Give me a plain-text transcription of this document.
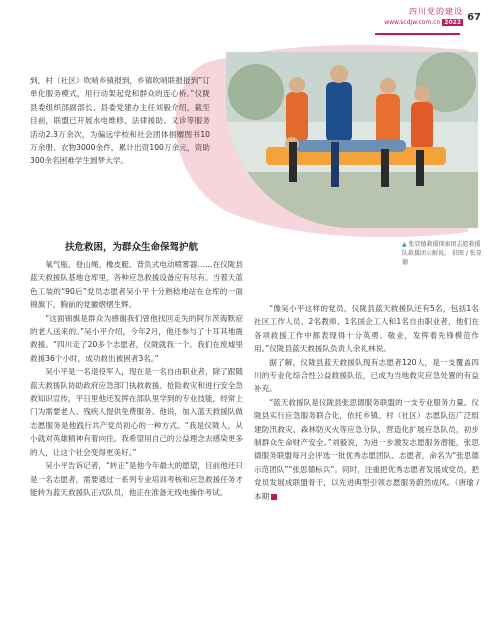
四川党的建设
www.scdjw.com.cn 2022 67
▲ 张显德救援探索团志愿救援队救援团示解说。 供图 / 张显德

到，村（社区）吹哨乡镇报到，乡镇吹哨联报报到”订单化服务模式，用行动架起党和群众的连心桥。”仪陇县委组织部副部长、县委党建办主任刘毅介绍，截至目前，联盟已开展水电维修、法律援助、义诊等服务活动2.3万余次，为偏远学校和社会团体捐赠图书10万余册、衣物3000余件，累计出资100万余元，资助300余名困难学生圆梦大学。

扶危救困，为群众生命保驾护航

氧气瓶、登山绳、橡皮艇、背负式电动喷雾器……在仪陇县蓝天救援队基地仓库里，各种应急救援设备应有尽有。当着天蓝色工装的“90后”党员志愿者吴小平十分熟稔地站在仓库的一面锦旗下，胸前的党徽熠熠生辉。

“这面锦旗是群众为感谢我们曾他找回走失的阿尔茨海默症的老人送来的。”吴小平介绍，今年2月，他还参与了十耳其地震救援。“四川走了20多个志愿者，仪陇就我一个。我们在废墟里救援36个小时，成功救出被困者3名。”

吴小平是一名退役军人，现在是一名自由职业者，除了跟随蓝天救援队协助政府应急部门执救救援、抢险救灾和进行安全急救知识宣传，平日里他还发挥在部队里学到的专业技能，经常上门为需要老人、残疾人提供免费服务。他说，加入蓝天救援队做志愿服务是他践行共产党员初心的一种方式。“我是仪陇人，从小就对英雄精神有着向往。我希望用自己的公益理念去感染更多的人，让这个社会变得更美好。”

吴小平告诉记者，“转正”是他今年最大的愿望，目前他还只是一名志愿者，需要通过一系列专业培训考核和应急救援任务才能转为蓝天救援队正式队员，他正在准备无线电操作考试。

“像吴小平这样的党员，仪陇县蓝天救援队还有5名，包括1名社区工作人员、2名教师、1名国企工人和1名自由职业者，他们在各项救援工作中都表现得十分英勇、敬业，发挥着先锋模范作用。”仪陇县蓝天救援队负责人余礼林说。

据了解，仪陇县蓝天救援队现有志愿者120人，是一支覆盖四川的专业化综合性公益救援队伍，已成为当地救灾应急处置的有益补充。

“蓝天救援队是仪陇县张思德服务联盟的一支专业服务力量。仪陇县实行应急服务联合化，依托乡镇、村（社区）志愿队伍广泛组建防汛救灾、森林防灭火等应急分队，营造化扩展应急队员，初步制群众生命财产安全。”刘毅说，为进一步激发志愿服务潜能，张思德服务联盟每月会评选一批优秀志愿团队、志愿者，命名为“张思德示范团队”“张思德标兵”。同时，注重把优秀志愿者发展成党员，把党员发展成联盟骨干，以先进典型引领志愿服务蔚然成风。（唐瑜 / 本期
